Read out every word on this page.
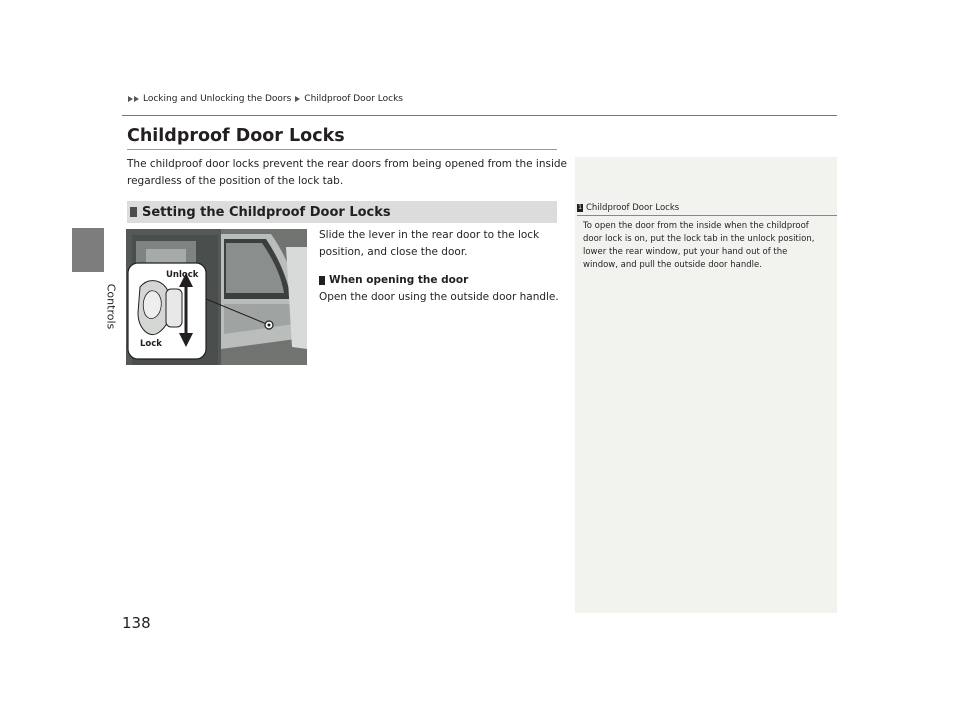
Controls
Locking and Unlocking the Doors Childproof Door Locks
Childproof Door Locks

The childproof door locks prevent the rear doors from being opened from the inside regardless of the position of the lock tab.

Setting the Childproof Door Locks
Unlock
Lock

Slide the lever in the rear door to the lock position, and close the door.

When opening the door

Open the door using the outside door handle.

1 Childproof Door Locks

To open the door from the inside when the childproof door lock is on, put the lock tab in the unlock position, lower the rear window, put your hand out of the window, and pull the outside door handle.

138
